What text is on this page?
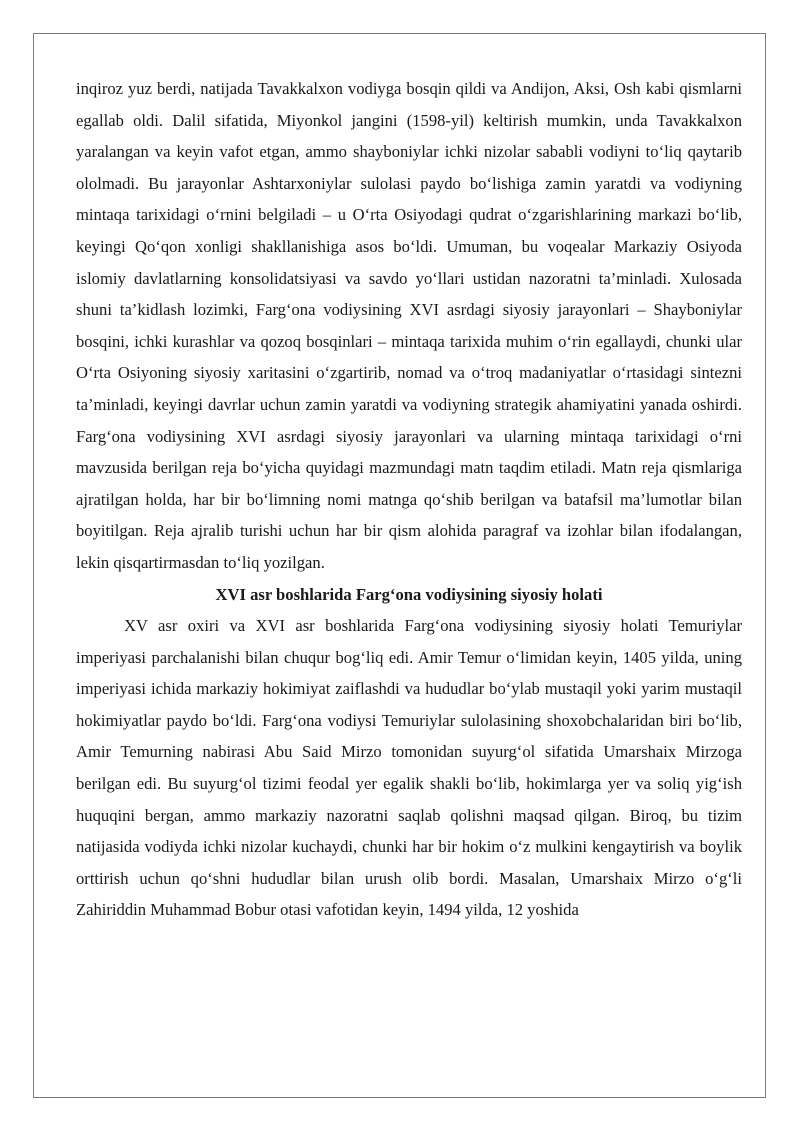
inqiroz yuz berdi, natijada Tavakkalxon vodiyga bosqin qildi va Andijon, Aksi, Osh kabi qismlarni egallab oldi. Dalil sifatida, Miyonkol jangini (1598-yil) keltirish mumkin, unda Tavakkalxon yaralangan va keyin vafot etgan, ammo shayboniylar ichki nizolar sababli vodiyni to‘liq qaytarib ololmadi. Bu jarayonlar Ashtarxoniylar sulolasi paydo bo‘lishiga zamin yaratdi va vodiyning mintaqa tarixidagi o‘rnini belgiladi – u O‘rta Osiyodagi qudrat o‘zgarishlarining markazi bo‘lib, keyingi Qo‘qon xonligi shakllanishiga asos bo‘ldi. Umuman, bu voqealar Markaziy Osiyoda islomiy davlatlarning konsolidatsiyasi va savdo yo‘llari ustidan nazoratni ta’minladi. Xulosada shuni ta’kidlash lozimki, Farg‘ona vodiysining XVI asrdagi siyosiy jarayonlari – Shayboniylar bosqini, ichki kurashlar va qozoq bosqinlari – mintaqa tarixida muhim o‘rin egallaydi, chunki ular O‘rta Osiyoning siyosiy xaritasini o‘zgartirib, nomad va o‘troq madaniyatlar o‘rtasidagi sintezni ta’minladi, keyingi davrlar uchun zamin yaratdi va vodiyning strategik ahamiyatini yanada oshirdi. Farg‘ona vodiysining XVI asrdagi siyosiy jarayonlari va ularning mintaqa tarixidagi o‘rni mavzusida berilgan reja bo‘yicha quyidagi mazmundagi matn taqdim etiladi. Matn reja qismlariga ajratilgan holda, har bir bo‘limning nomi matnga qo‘shib berilgan va batafsil ma’lumotlar bilan boyitilgan. Reja ajralib turishi uchun har bir qism alohida paragraf va izohlar bilan ifodalangan, lekin qisqartirmasdan to‘liq yozilgan.

XVI asr boshlarida Farg‘ona vodiysining siyosiy holati

XV asr oxiri va XVI asr boshlarida Farg‘ona vodiysining siyosiy holati Temuriylar imperiyasi parchalanishi bilan chuqur bog‘liq edi. Amir Temur o‘limidan keyin, 1405 yilda, uning imperiyasi ichida markaziy hokimiyat zaiflashdi va hududlar bo‘ylab mustaqil yoki yarim mustaqil hokimiyatlar paydo bo‘ldi. Farg‘ona vodiysi Temuriylar sulolasining shoxobchalaridan biri bo‘lib, Amir Temurning nabirasi Abu Said Mirzo tomonidan suyurg‘ol sifatida Umarshaix Mirzoga berilgan edi. Bu suyurg‘ol tizimi feodal yer egalik shakli bo‘lib, hokimlarga yer va soliq yig‘ish huquqini bergan, ammo markaziy nazoratni saqlab qolishni maqsad qilgan. Biroq, bu tizim natijasida vodiyda ichki nizolar kuchaydi, chunki har bir hokim o‘z mulkini kengaytirish va boylik orttirish uchun qo‘shni hududlar bilan urush olib bordi. Masalan, Umarshaix Mirzo o‘g‘li Zahiriddin Muhammad Bobur otasi vafotidan keyin, 1494 yilda, 12 yoshida
